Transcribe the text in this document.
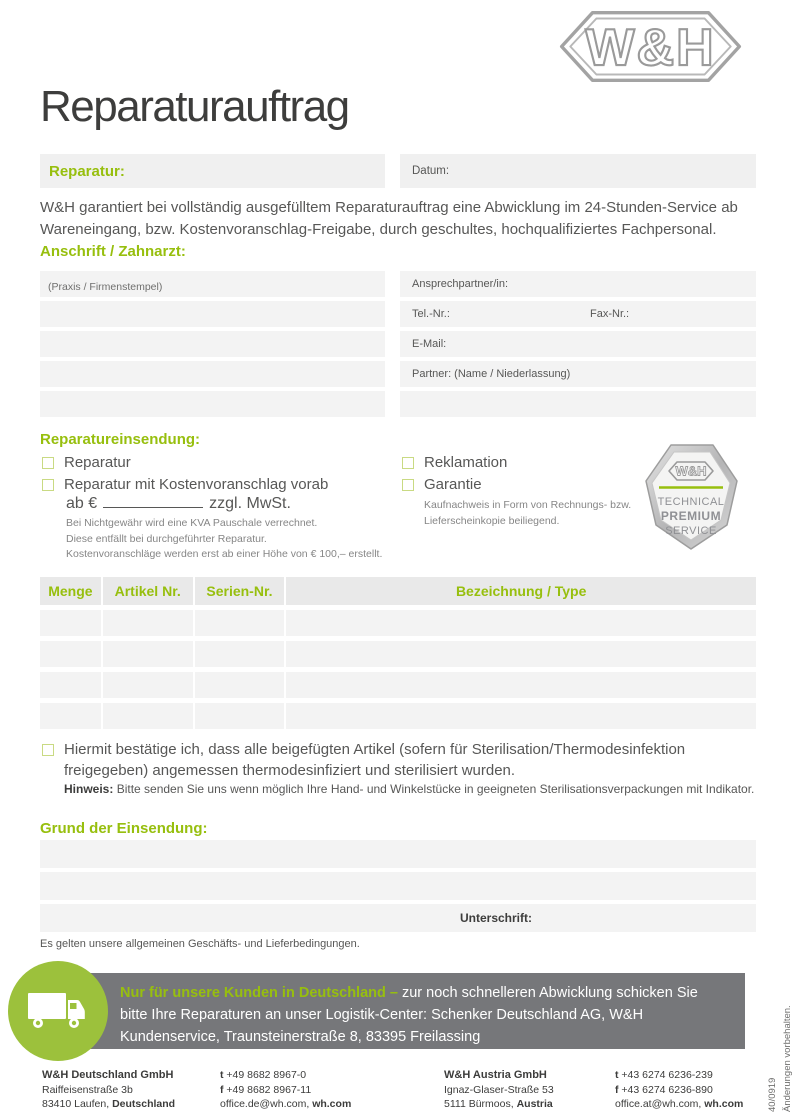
W&H
Reparaturauftrag
Reparatur:	Datum:
W&H garantiert bei vollständig ausgefülltem Reparaturauftrag eine Abwicklung im 24-Stunden-Service ab Wareneingang, bzw. Kostenvoranschlag-Freigabe, durch geschultes, hochqualifiziertes Fachpersonal.
Anschrift / Zahnarzt:
(Praxis / Firmenstempel)	Ansprechpartner/in:
Tel.-Nr.:	Fax-Nr.:
E-Mail:
Partner: (Name / Niederlassung)
Reparatureinsendung:
Reparatur
Reparatur mit Kostenvoranschlag vorab
Reklamation
Garantie
ab €	zzgl. MwSt.
Bei Nichtgewähr wird eine KVA Pauschale verrechnet.
Diese entfällt bei durchgeführter Reparatur.
Kostenvoranschläge werden erst ab einer Höhe von € 100,– erstellt.
Kaufnachweis in Form von Rechnungs- bzw. Lieferscheinkopie beiliegend.
W&H
TECHNICAL
PREMIUM
SERVICE
Menge	Artikel Nr.	Serien-Nr.	Bezeichnung / Type
Hiermit bestätige ich, dass alle beigefügten Artikel (sofern für Sterilisation/Thermodesinfektion freigegeben) angemessen thermodesinfiziert und sterilisiert wurden.
Hinweis: Bitte senden Sie uns wenn möglich Ihre Hand- und Winkelstücke in geeigneten Sterilisationsverpackungen mit Indikator.
Grund der Einsendung:
Unterschrift:
Es gelten unsere allgemeinen Geschäfts- und Lieferbedingungen.
Nur für unsere Kunden in Deutschland – zur noch schnelleren Abwicklung schicken Sie bitte Ihre Reparaturen an unser Logistik-Center: Schenker Deutschland AG, W&H Kundenservice, Traunsteinerstraße 8, 83395 Freilassing
W&H Deutschland GmbH
Raiffeisenstraße 3b
83410 Laufen, Deutschland
t +49 8682 8967-0
f +49 8682 8967-11
office.de@wh.com, wh.com
W&H Austria GmbH
Ignaz-Glaser-Straße 53
5111 Bürmoos, Austria
t +43 6274 6236-239
f +43 6274 6236-890
office.at@wh.com, wh.com 40/0919 Änderungen vorbehalten.
